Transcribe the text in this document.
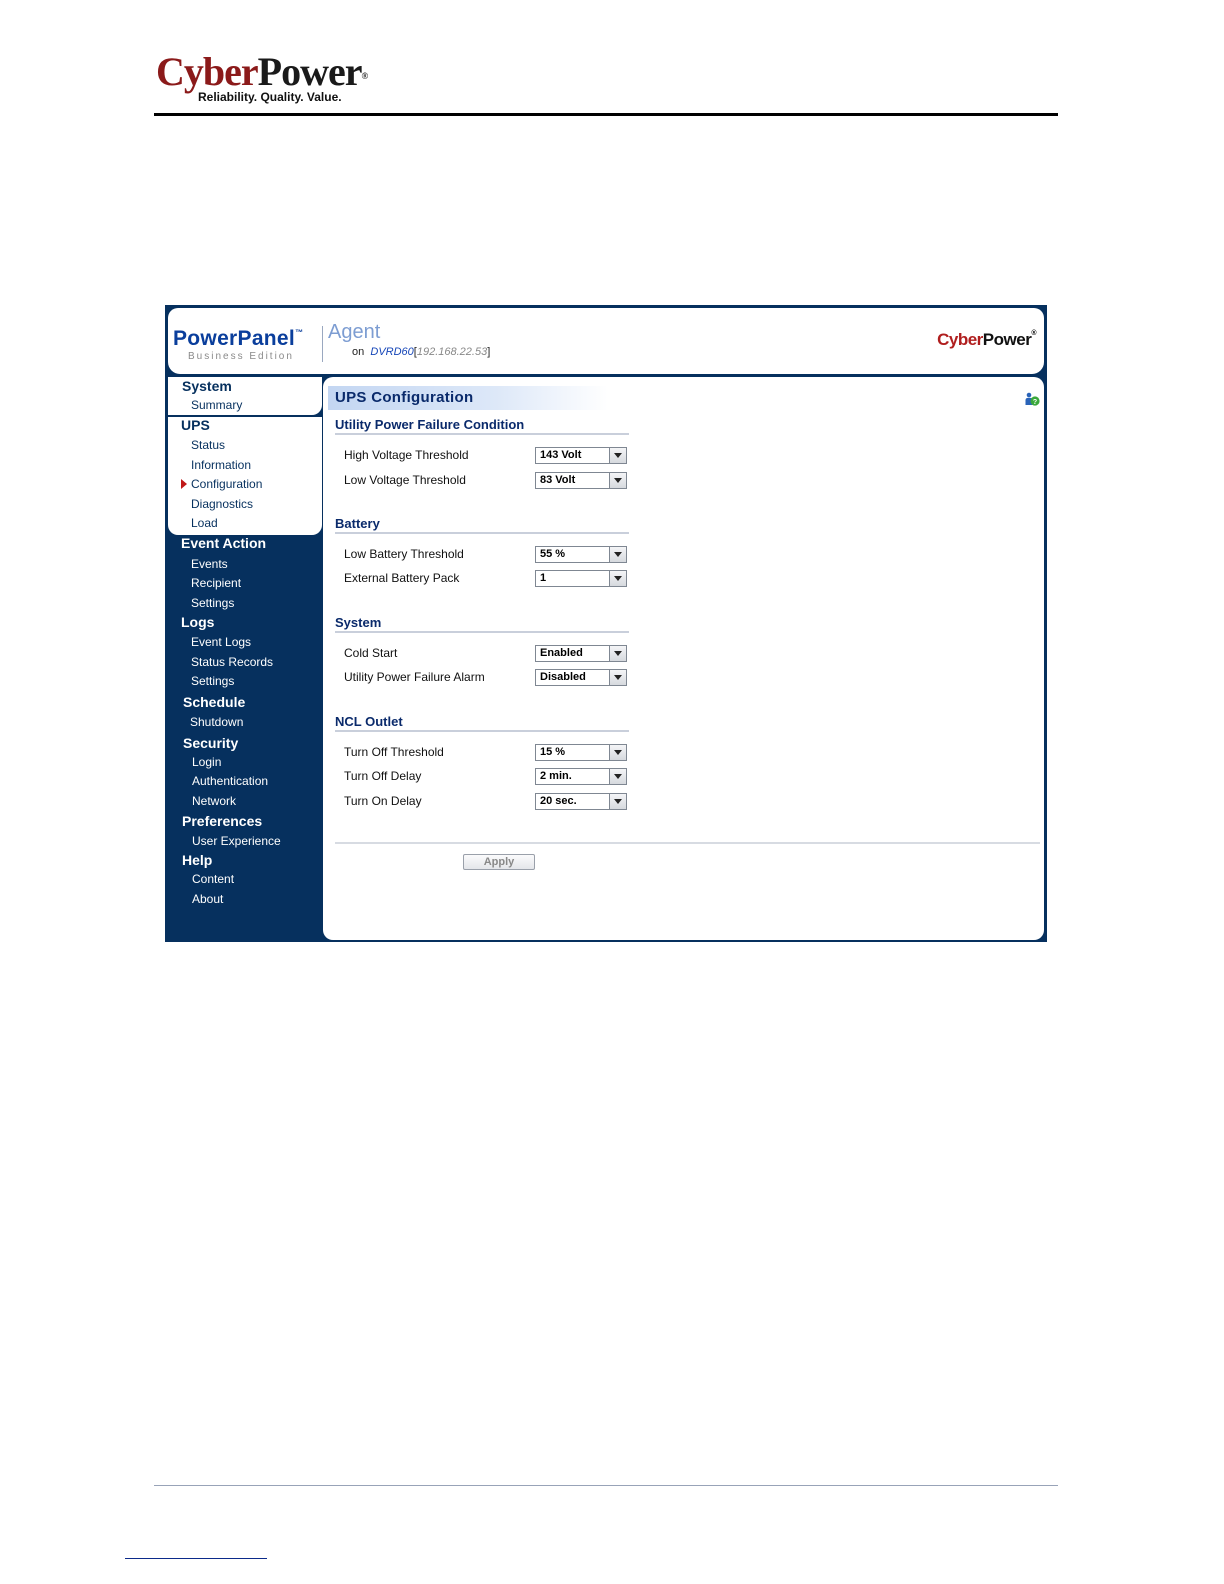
CyberPower®
Reliability. Quality. Value.
PowerPanel™
Business Edition
Agent
on DVRD60[192.168.22.53]
CyberPower®
System
Summary
UPS
Status
Information
Configuration
Diagnostics
Load
Event Action
Events
Recipient
Settings
Logs
Event Logs
Status Records
Settings
Schedule
Shutdown
Security
Login
Authentication
Network
Preferences
User Experience
Help
Content
About
UPS Configuration	?
Utility Power Failure Condition
High Voltage Threshold	143 Volt
Low Voltage Threshold	83 Volt
Battery
Low Battery Threshold	55 %
External Battery Pack	1
System
Cold Start	Enabled
Utility Power Failure Alarm	Disabled
NCL Outlet
Turn Off Threshold	15 %
Turn Off Delay	2 min.
Turn On Delay	20 sec.
Apply
